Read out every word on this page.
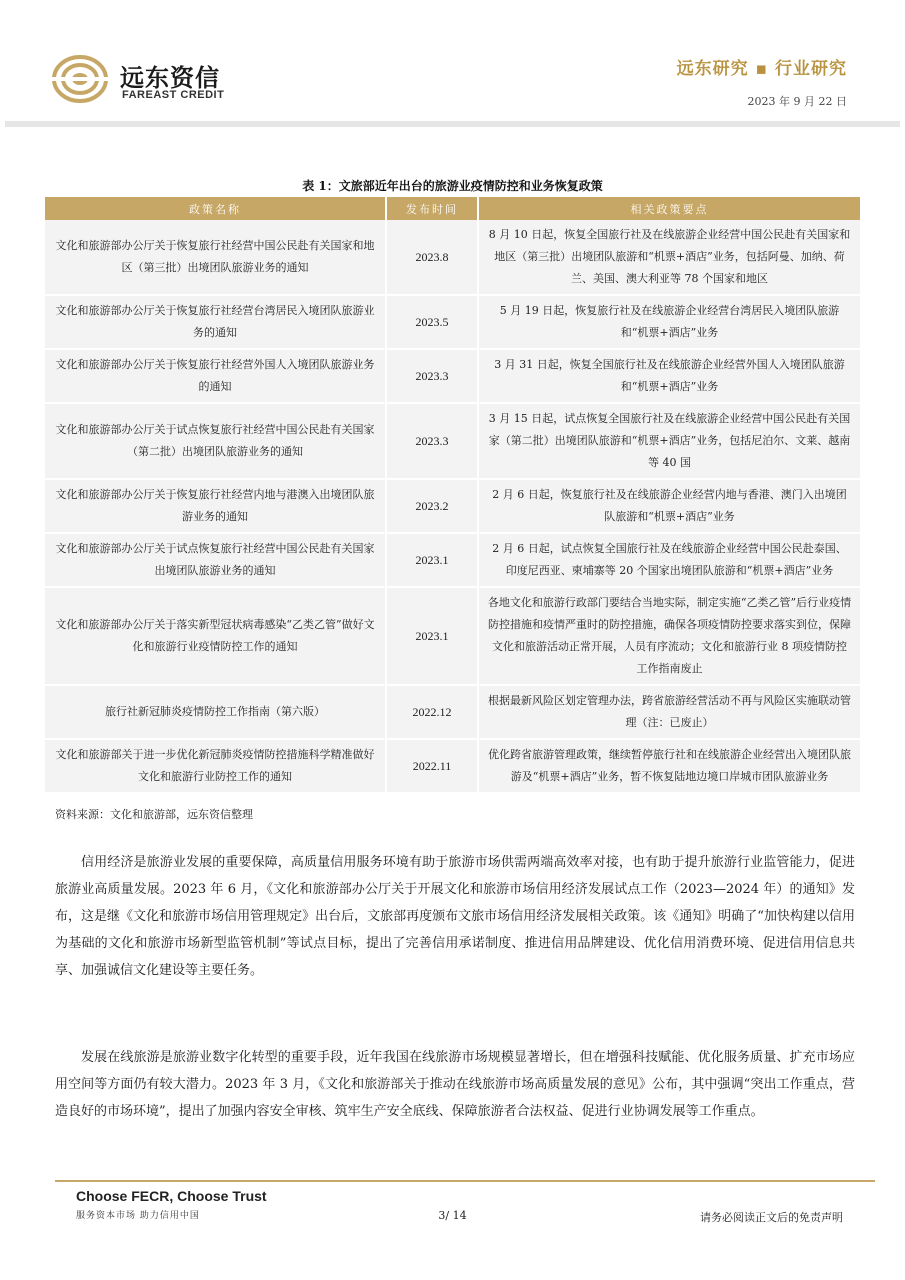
远东资信
FAREAST CREDIT
远东研究 ▪ 行业研究
2023 年 9 月 22 日
表 1：文旅部近年出台的旅游业疫情防控和业务恢复政策
政策名称	发布时间	相关政策要点
文化和旅游部办公厅关于恢复旅行社经营中国公民赴有关国家和地区（第三批）出境团队旅游业务的通知	2023.8	8 月 10 日起，恢复全国旅行社及在线旅游企业经营中国公民赴有关国家和地区（第三批）出境团队旅游和“机票+酒店”业务，包括阿曼、加纳、荷兰、美国、澳大利亚等 78 个国家和地区
文化和旅游部办公厅关于恢复旅行社经营台湾居民入境团队旅游业务的通知	2023.5	5 月 19 日起，恢复旅行社及在线旅游企业经营台湾居民入境团队旅游和“机票+酒店”业务
文化和旅游部办公厅关于恢复旅行社经营外国人入境团队旅游业务的通知	2023.3	3 月 31 日起，恢复全国旅行社及在线旅游企业经营外国人入境团队旅游和“机票+酒店”业务
文化和旅游部办公厅关于试点恢复旅行社经营中国公民赴有关国家（第二批）出境团队旅游业务的通知	2023.3	3 月 15 日起，试点恢复全国旅行社及在线旅游企业经营中国公民赴有关国家（第二批）出境团队旅游和“机票+酒店”业务，包括尼泊尔、文莱、越南等 40 国
文化和旅游部办公厅关于恢复旅行社经营内地与港澳入出境团队旅游业务的通知	2023.2	2 月 6 日起，恢复旅行社及在线旅游企业经营内地与香港、澳门入出境团队旅游和“机票+酒店”业务
文化和旅游部办公厅关于试点恢复旅行社经营中国公民赴有关国家出境团队旅游业务的通知	2023.1	2 月 6 日起，试点恢复全国旅行社及在线旅游企业经营中国公民赴泰国、印度尼西亚、柬埔寨等 20 个国家出境团队旅游和“机票+酒店”业务
文化和旅游部办公厅关于落实新型冠状病毒感染“乙类乙管”做好文化和旅游行业疫情防控工作的通知	2023.1	各地文化和旅游行政部门要结合当地实际，制定实施“乙类乙管”后行业疫情防控措施和疫情严重时的防控措施，确保各项疫情防控要求落实到位，保障文化和旅游活动正常开展，人员有序流动；文化和旅游行业 8 项疫情防控工作指南废止
旅行社新冠肺炎疫情防控工作指南（第六版）	2022.12	根据最新风险区划定管理办法，跨省旅游经营活动不再与风险区实施联动管理（注：已废止）
文化和旅游部关于进一步优化新冠肺炎疫情防控措施科学精准做好文化和旅游行业防控工作的通知	2022.11	优化跨省旅游管理政策，继续暂停旅行社和在线旅游企业经营出入境团队旅游及“机票+酒店”业务，暂不恢复陆地边境口岸城市团队旅游业务
资料来源：文化和旅游部，远东资信整理

信用经济是旅游业发展的重要保障，高质量信用服务环境有助于旅游市场供需两端高效率对接，也有助于提升旅游行业监管能力，促进旅游业高质量发展。2023 年 6 月，《文化和旅游部办公厅关于开展文化和旅游市场信用经济发展试点工作（2023—2024 年）的通知》发布，这是继《文化和旅游市场信用管理规定》出台后，文旅部再度颁布文旅市场信用经济发展相关政策。该《通知》明确了“加快构建以信用为基础的文化和旅游市场新型监管机制”等试点目标，提出了完善信用承诺制度、推进信用品牌建设、优化信用消费环境、促进信用信息共享、加强诚信文化建设等主要任务。

发展在线旅游是旅游业数字化转型的重要手段，近年我国在线旅游市场规模显著增长，但在增强科技赋能、优化服务质量、扩充市场应用空间等方面仍有较大潜力。2023 年 3 月，《文化和旅游部关于推动在线旅游市场高质量发展的意见》公布，其中强调“突出工作重点，营造良好的市场环境”，提出了加强内容安全审核、筑牢生产安全底线、保障旅游者合法权益、促进行业协调发展等工作重点。

Choose FECR, Choose Trust
服务资本市场 助力信用中国	3/ 14	请务必阅读正文后的免责声明
